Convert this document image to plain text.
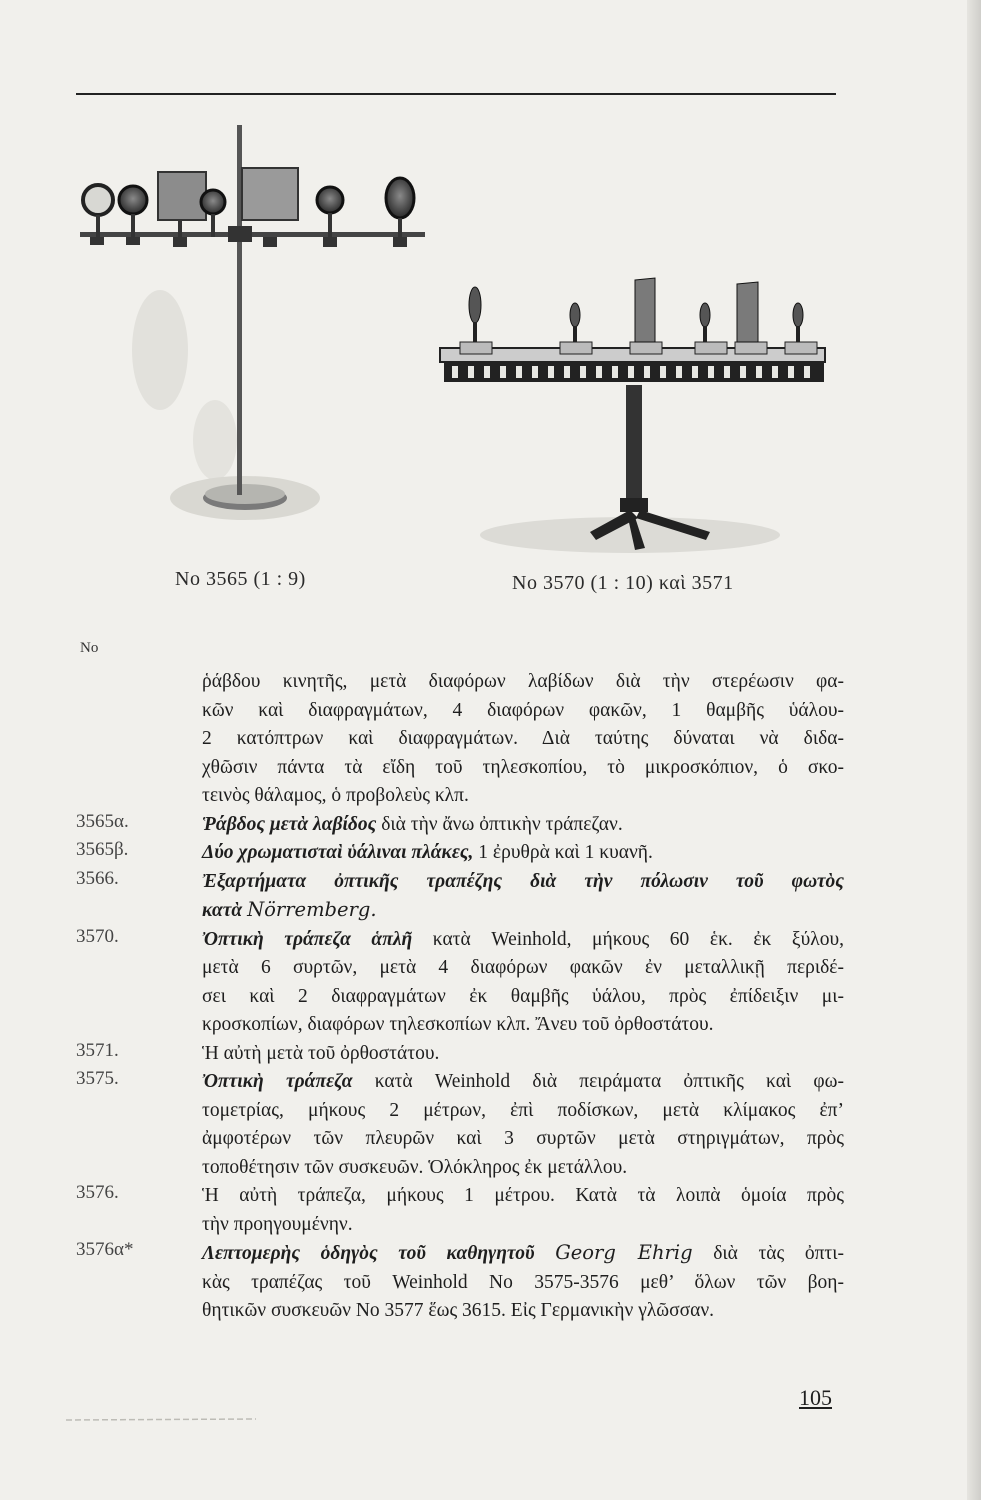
No 3565 (1 : 9)	No 3570 (1 : 10) καὶ 3571
No
ῥάβδου κινητῆς, μετὰ διαφόρων λαβίδων διὰ τὴν στερέωσιν φα-
κῶν καὶ διαφραγμάτων, 4 διαφόρων φακῶν, 1 θαμβῆς ὑάλου-
2 κατόπτρων καὶ διαφραγμάτων. Διὰ ταύτης δύναται νὰ διδα-
χθῶσιν πάντα τὰ εἴδη τοῦ τηλεσκοπίου, τὸ μικροσκόπιον, ὁ σκο-
τεινὸς θάλαμος, ὁ προβολεὺς κλπ.
3565α.	Ῥάβδος μετὰ λαβίδος διὰ τὴν ἄνω ὀπτικὴν τράπεζαν.
3565β.	Δύο χρωματισταὶ ὑάλιναι πλάκες, 1 ἐρυθρὰ καὶ 1 κυανῆ.
3566.	Ἐξαρτήματα ὀπτικῆς τραπέζης διὰ τὴν πόλωσιν τοῦ φωτὸς
κατὰ Nörremberg.
3570.	Ὀπτικὴ τράπεζα ἁπλῆ κατὰ Weinhold, μήκους 60 ἑκ. ἐκ ξύλου,
μετὰ 6 συρτῶν, μετὰ 4 διαφόρων φακῶν ἐν μεταλλικῇ περιδέ-
σει καὶ 2 διαφραγμάτων ἐκ θαμβῆς ὑάλου, πρὸς ἐπίδειξιν μι-
κροσκοπίων, διαφόρων τηλεσκοπίων κλπ. Ἄνευ τοῦ ὀρθοστάτου.
3571.	Ἡ αὐτὴ μετὰ τοῦ ὀρθοστάτου.
3575.	Ὀπτικὴ τράπεζα κατὰ Weinhold διὰ πειράματα ὀπτικῆς καὶ φω-
τομετρίας, μήκους 2 μέτρων, ἐπὶ ποδίσκων, μετὰ κλίμακος ἐπ’
ἀμφοτέρων τῶν πλευρῶν καὶ 3 συρτῶν μετὰ στηριγμάτων, πρὸς
τοποθέτησιν τῶν συσκευῶν. Ὁλόκληρος ἐκ μετάλλου.
3576.	Ἡ αὐτὴ τράπεζα, μήκους 1 μέτρου. Κατὰ τὰ λοιπὰ ὁμοία πρὸς
τὴν προηγουμένην.
3576α*	Λεπτομερὴς ὁδηγὸς τοῦ καθηγητοῦ Georg Ehrig διὰ τὰς ὀπτι-
κὰς τραπέζας τοῦ Weinhold No 3575-3576 μεθ’ ὅλων τῶν βοη-
θητικῶν συσκευῶν No 3577 ἕως 3615. Εἰς Γερμανικὴν γλῶσσαν.
105
